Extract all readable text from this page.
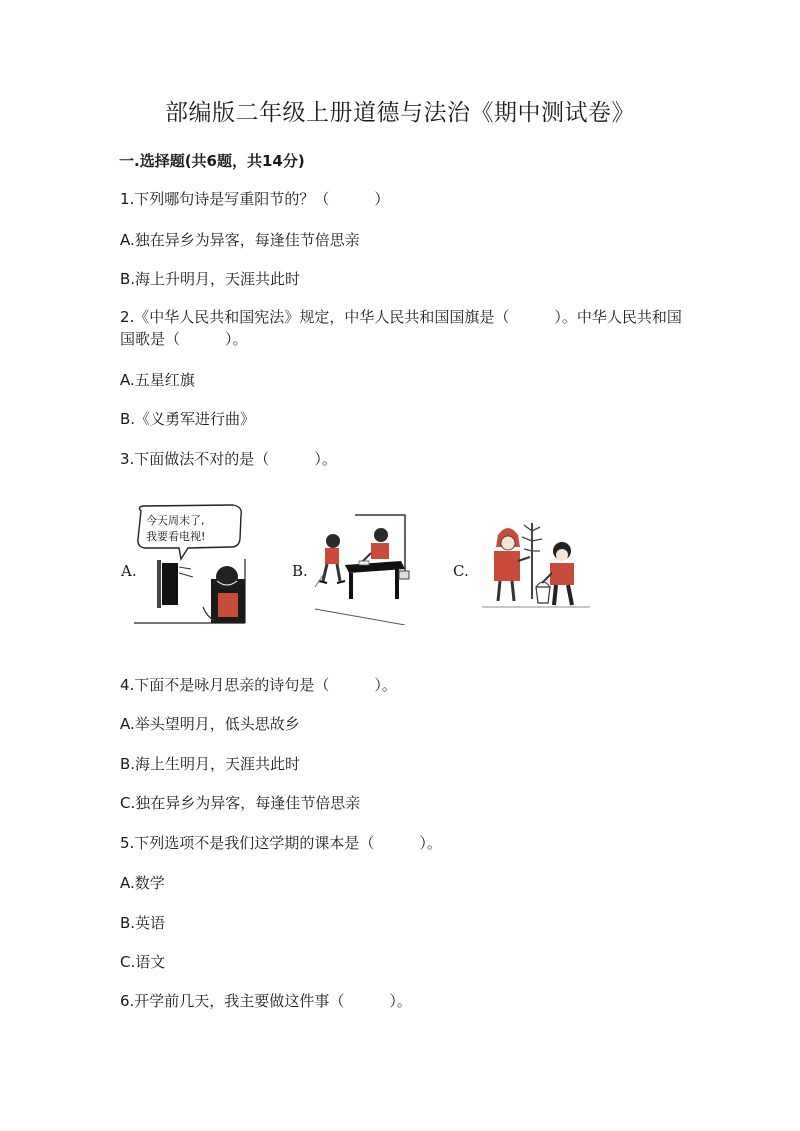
部编版二年级上册道德与法治《期中测试卷》
一.选择题(共6题，共14分)
1.下列哪句诗是写重阳节的？（　　　）
A.独在异乡为异客，每逢佳节倍思亲
B.海上升明月，天涯共此时
2.《中华人民共和国宪法》规定，中华人民共和国国旗是（　　　）。中华人民共和国国歌是（　　　）。
A.五星红旗
B.《义勇军进行曲》
3.下面做法不对的是（　　　）。
A.	B.	C.
今天周末了,
我要看电视!
4.下面不是咏月思亲的诗句是（　　　）。
A.举头望明月，低头思故乡
B.海上生明月，天涯共此时
C.独在异乡为异客，每逢佳节倍思亲
5.下列选项不是我们这学期的课本是（　　　）。
A.数学
B.英语
C.语文
6.开学前几天，我主要做这件事（　　　）。
